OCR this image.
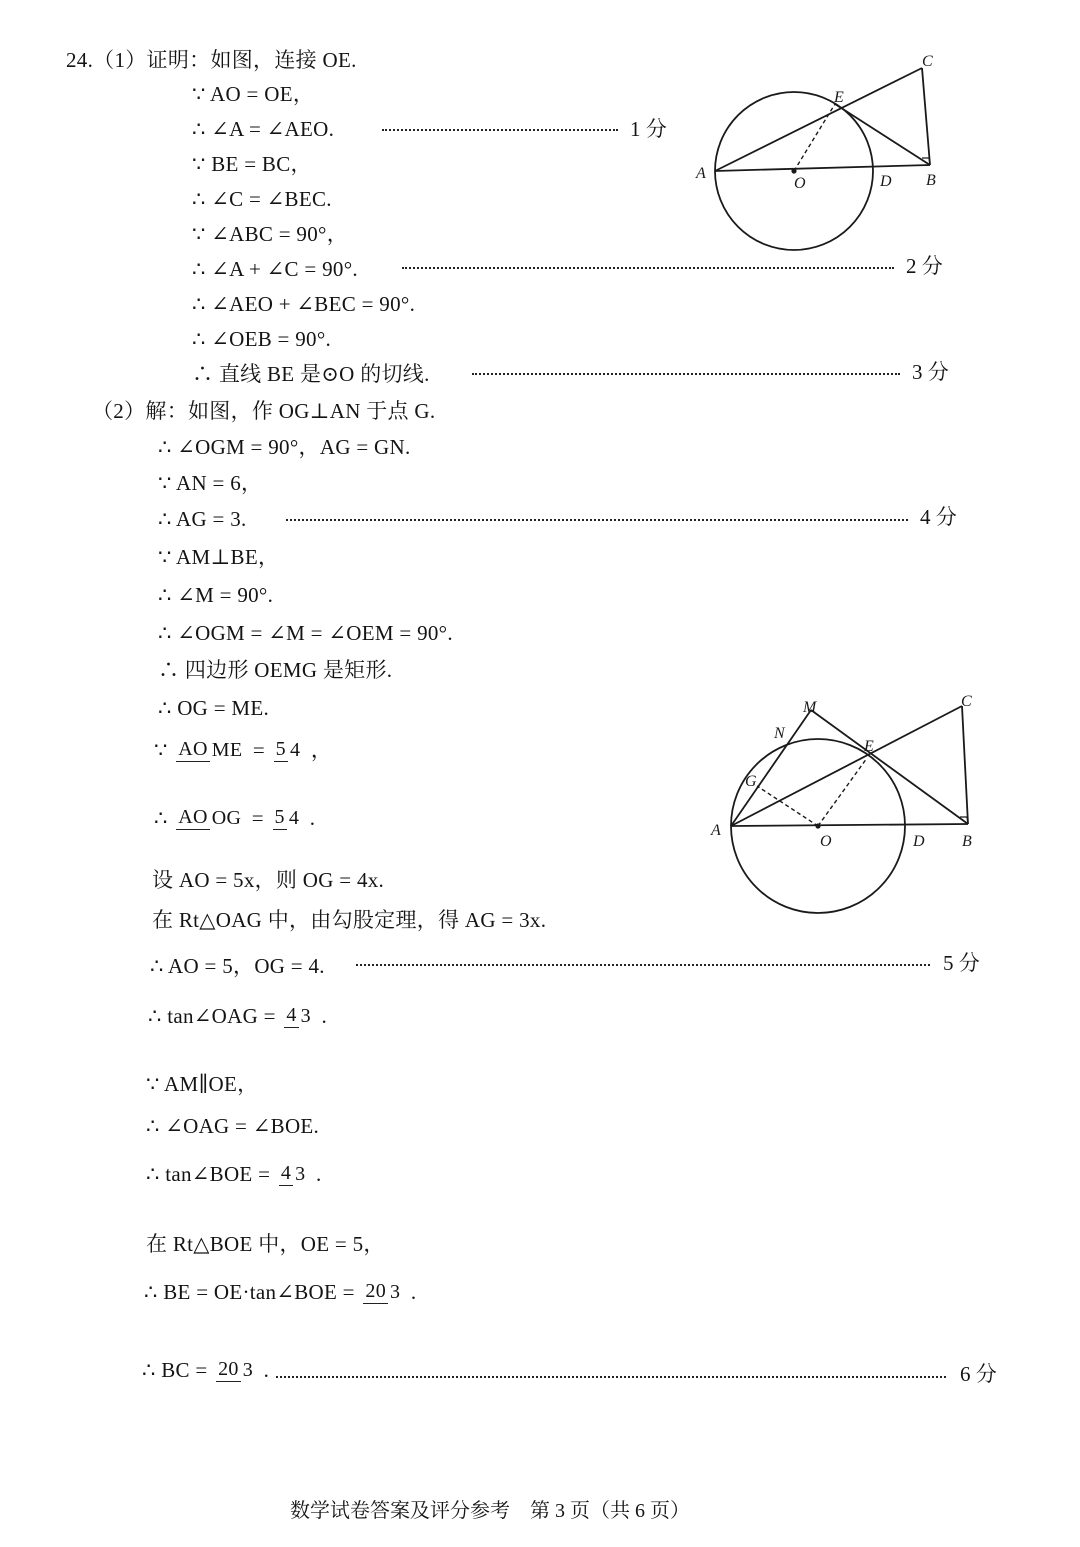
24.（1）证明：如图，连接 OE.
∵ AO = OE，
∴ ∠A = ∠AEO.	1 分
∵ BE = BC，
∴ ∠C = ∠BEC.
∵ ∠ABC = 90°，
∴ ∠A + ∠C = 90°.	2 分
∴ ∠AEO + ∠BEC = 90°.
∴ ∠OEB = 90°.
∴ 直线 BE 是⊙O 的切线.	3 分
A
O	D B
E
C
（2）解：如图，作 OG⊥AN 于点 G.
∴ ∠OGM = 90°，AG = GN.
∵ AN = 6，
∴ AG = 3.	4 分
∵ AM⊥BE，
∴ ∠M = 90°.
∴ ∠OGM = ∠M = ∠OEM = 90°.
∴ 四边形 OEMG 是矩形.
∴ OG = ME.
∵ AO ME = 5 4 ，
∴ AO OG = 5 4 .
设 AO = 5x，则 OG = 4x.
在 Rt△OAG 中，由勾股定理，得 AG = 3x.
∴ AO = 5，OG = 4.	5 分
∴ tan∠OAG = 4 3 .
∵ AM∥OE，
∴ ∠OAG = ∠BOE.
∴ tan∠BOE = 4 3 .
在 Rt△BOE 中，OE = 5，
∴ BE = OE·tan∠BOE = 20 3 .
∴ BC = 20 3 .	6 分
A
O	D B
E
C
M
N
G
数学试卷答案及评分参考　第 3 页（共 6 页）
